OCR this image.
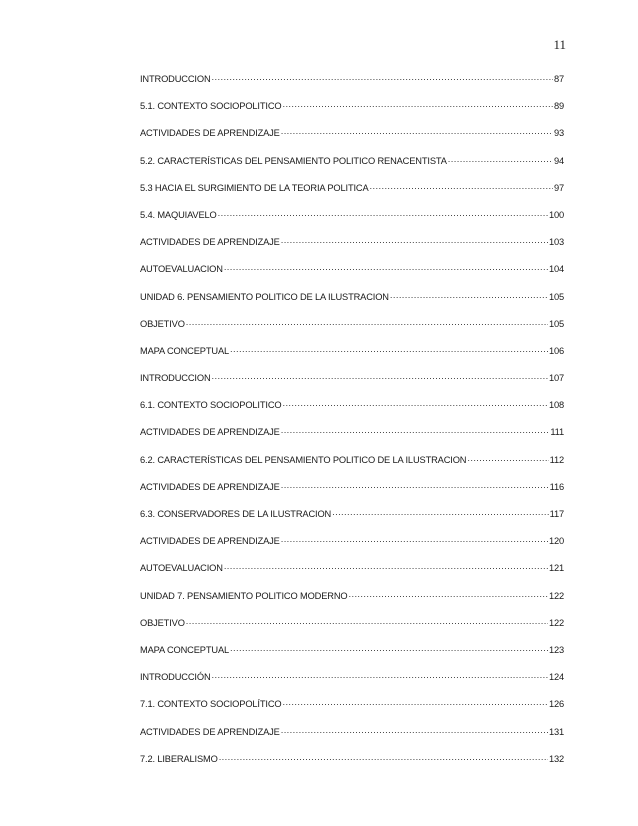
11
INTRODUCCION .....	87
5.1. CONTEXTO SOCIOPOLITICO .....	89
ACTIVIDADES DE APRENDIZAJE .....	93
5.2. CARACTERÍSTICAS DEL PENSAMIENTO POLITICO RENACENTISTA .....	94
5.3 HACIA EL SURGIMIENTO DE LA TEORIA POLITICA .....	97
5.4. MAQUIAVELO .....	100
ACTIVIDADES DE APRENDIZAJE .....	103
AUTOEVALUACION .....	104
UNIDAD 6. PENSAMIENTO POLITICO DE LA ILUSTRACION .....	105
OBJETIVO .....	105
MAPA CONCEPTUAL .....	106
INTRODUCCION .....	107
6.1. CONTEXTO SOCIOPOLITICO .....	108
ACTIVIDADES DE APRENDIZAJE .....	111
6.2. CARACTERÍSTICAS DEL PENSAMIENTO POLITICO DE LA ILUSTRACION .....	112
ACTIVIDADES DE APRENDIZAJE .....	116
6.3. CONSERVADORES DE LA ILUSTRACION .....	117
ACTIVIDADES DE APRENDIZAJE .....	120
AUTOEVALUACION .....	121
UNIDAD 7. PENSAMIENTO POLITICO MODERNO .....	122
OBJETIVO .....	122
MAPA CONCEPTUAL .....	123
INTRODUCCIÓN .....	124
7.1. CONTEXTO SOCIOPOLÍTICO .....	126
ACTIVIDADES DE APRENDIZAJE .....	131
7.2. LIBERALISMO .....	132
